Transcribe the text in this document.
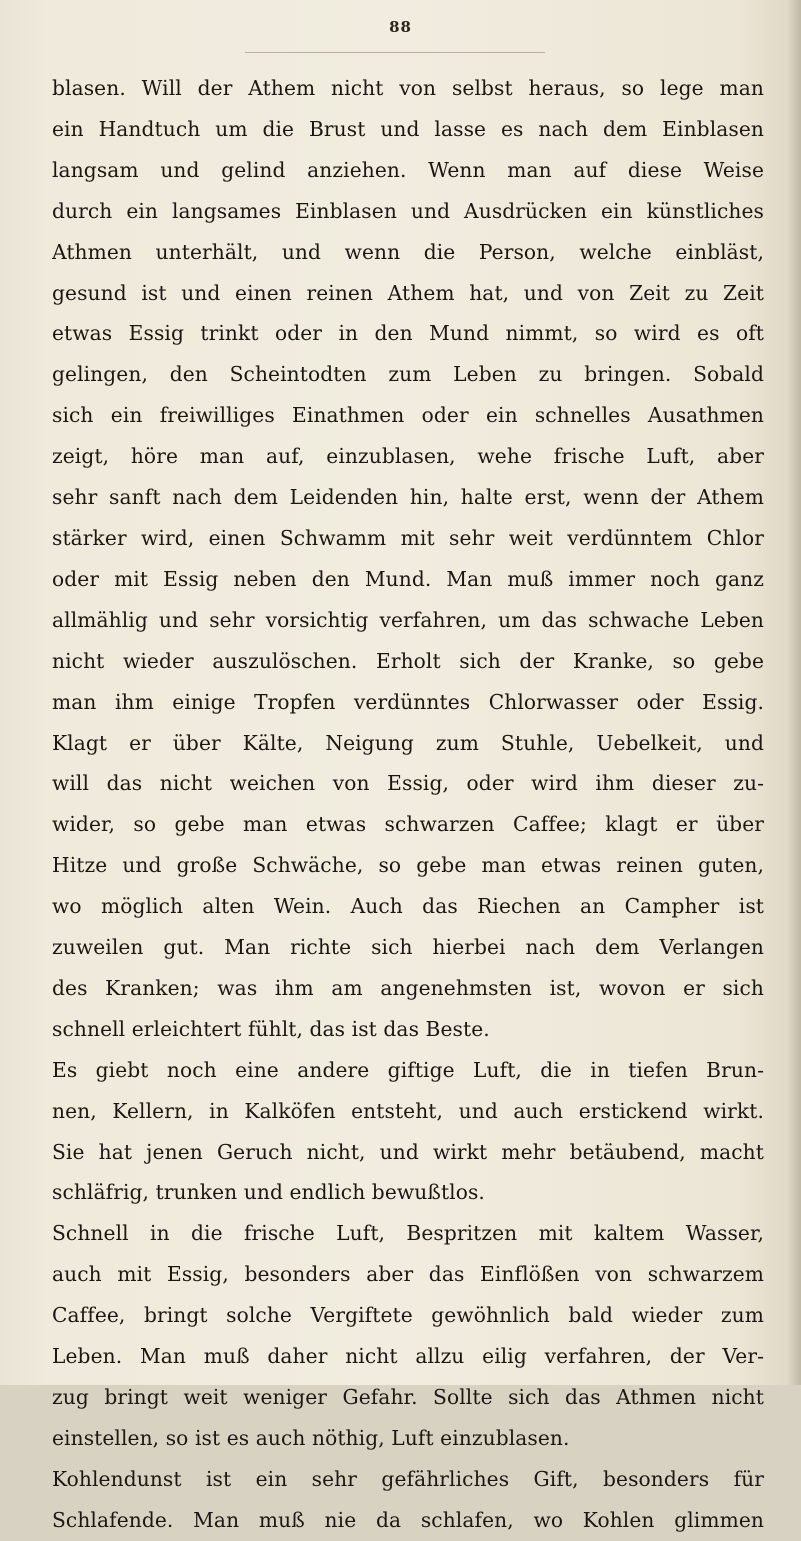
88

blasen. Will der Athem nicht von selbst heraus, so lege man

ein Handtuch um die Brust und lasse es nach dem Einblasen

langsam und gelind anziehen. Wenn man auf diese Weise

durch ein langsames Einblasen und Ausdrücken ein künstliches

Athmen unterhält, und wenn die Person, welche einbläst,

gesund ist und einen reinen Athem hat, und von Zeit zu Zeit

etwas Essig trinkt oder in den Mund nimmt, so wird es oft

gelingen, den Scheintodten zum Leben zu bringen. Sobald

sich ein freiwilliges Einathmen oder ein schnelles Ausathmen

zeigt, höre man auf, einzublasen, wehe frische Luft, aber

sehr sanft nach dem Leidenden hin, halte erst, wenn der Athem

stärker wird, einen Schwamm mit sehr weit verdünntem Chlor

oder mit Essig neben den Mund. Man muß immer noch ganz

allmählig und sehr vorsichtig verfahren, um das schwache Leben

nicht wieder auszulöschen. Erholt sich der Kranke, so gebe

man ihm einige Tropfen verdünntes Chlorwasser oder Essig.

Klagt er über Kälte, Neigung zum Stuhle, Uebelkeit, und

will das nicht weichen von Essig, oder wird ihm dieser zu-

wider, so gebe man etwas schwarzen Caffee; klagt er über

Hitze und große Schwäche, so gebe man etwas reinen guten,

wo möglich alten Wein. Auch das Riechen an Campher ist

zuweilen gut. Man richte sich hierbei nach dem Verlangen

des Kranken; was ihm am angenehmsten ist, wovon er sich

schnell erleichtert fühlt, das ist das Beste.

Es giebt noch eine andere giftige Luft, die in tiefen Brun-

nen, Kellern, in Kalköfen entsteht, und auch erstickend wirkt.

Sie hat jenen Geruch nicht, und wirkt mehr betäubend, macht

schläfrig, trunken und endlich bewußtlos.

Schnell in die frische Luft, Bespritzen mit kaltem Wasser,

auch mit Essig, besonders aber das Einflößen von schwarzem

Caffee, bringt solche Vergiftete gewöhnlich bald wieder zum

Leben. Man muß daher nicht allzu eilig verfahren, der Ver-

zug bringt weit weniger Gefahr. Sollte sich das Athmen nicht

einstellen, so ist es auch nöthig, Luft einzublasen.

Kohlendunst ist ein sehr gefährliches Gift, besonders für

Schlafende. Man muß nie da schlafen, wo Kohlen glimmen
